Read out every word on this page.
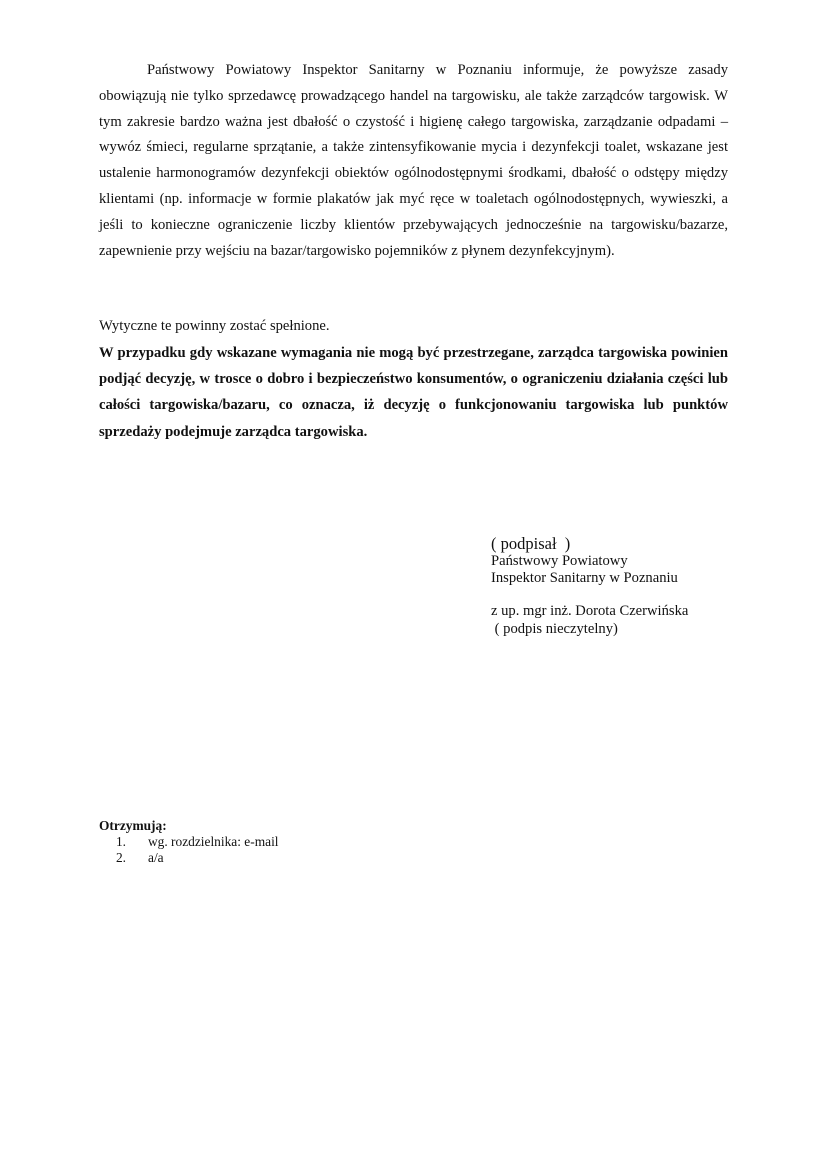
Państwowy Powiatowy Inspektor Sanitarny w Poznaniu informuje, że powyższe zasady obowiązują nie tylko sprzedawcę prowadzącego handel na targowisku, ale także zarządców targowisk. W tym zakresie bardzo ważna jest dbałość o czystość i higienę całego targowiska, zarządzanie odpadami – wywóz śmieci, regularne sprzątanie, a także zintensyfikowanie mycia i dezynfekcji toalet, wskazane jest ustalenie harmonogramów dezynfekcji obiektów ogólnodostępnymi środkami, dbałość o odstępy między klientami (np. informacje w formie plakatów jak myć ręce w toaletach ogólnodostępnych, wywieszki, a jeśli to konieczne ograniczenie liczby klientów przebywających jednocześnie na targowisku/bazarze, zapewnienie przy wejściu na bazar/targowisko pojemników z płynem dezynfekcyjnym).

Wytyczne te powinny zostać spełnione.

W przypadku gdy wskazane wymagania nie mogą być przestrzegane, zarządca targowiska powinien podjąć decyzję, w trosce o dobro i bezpieczeństwo konsumentów, o ograniczeniu działania części lub całości targowiska/bazaru, co oznacza, iż decyzję o funkcjonowaniu targowiska lub punktów sprzedaży podejmuje zarządca targowiska.

( podpisał  )
Państwowy Powiatowy
Inspektor Sanitarny w Poznaniu
z up. mgr inż. Dorota Czerwińska
( podpis nieczytelny)
Otrzymują:
1.	wg. rozdzielnika: e-mail
2.	a/a
